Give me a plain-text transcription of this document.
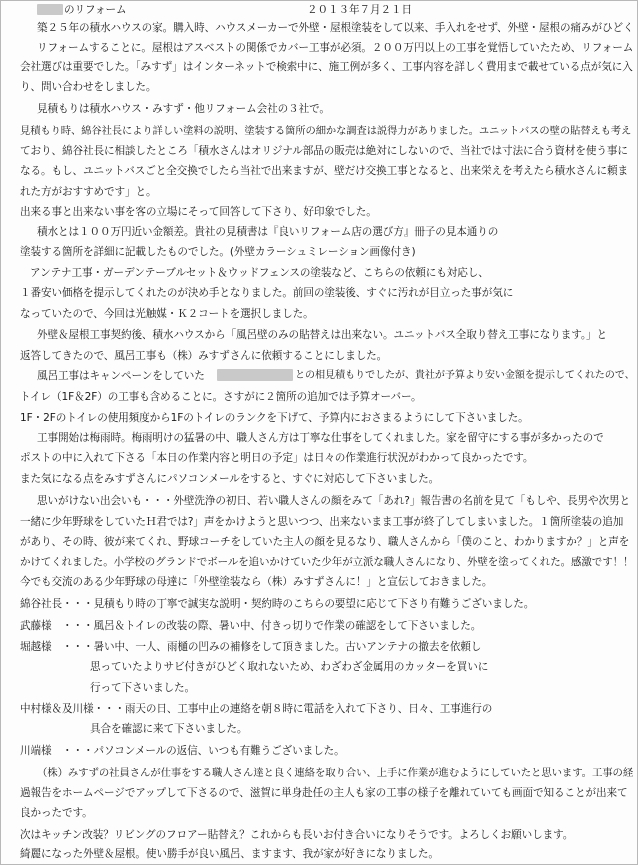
のリフォーム	２０１３年７月２１日
築２５年の積水ハウスの家。購入時、ハウスメーカーで外壁・屋根塗装をして以来、手入れをせず、外壁・屋根の痛みがひどく
リフォームすることに。屋根はアスベストの関係でカバー工事が必須。２００万円以上の工事を覚悟していたため、リフォーム
会社選びは重要でした。「みすず」はインターネットで検索中に、施工例が多く、工事内容を詳しく費用まで載せている点が気に入
り、問い合わせをしました。
見積もりは積水ハウス・みすず・他リフォーム会社の３社で。
見積もり時、綿谷社長により詳しい塗料の説明、塗装する箇所の細かな調査は説得力がありました。ユニットバスの壁の貼替えも考え
ており、綿谷社長に相談したところ「積水さんはオリジナル部品の販売は絶対にしないので、当社では寸法に合う資材を使う事に
なる。もし、ユニットバスごと全交換でしたら当社で出来ますが、壁だけ交換工事となると、出来栄えを考えたら積水さんに頼ま
れた方がおすすめです」と。
出来る事と出来ない事を客の立場にそって回答して下さり、好印象でした。
積水とは１００万円近い金額差。貴社の見積書は『良いリフォーム店の選び方』冊子の見本通りの
塗装する箇所を詳細に記載したものでした。(外壁カラーシュミレーション画像付き)
アンテナ工事・ガーデンテーブルセット＆ウッドフェンスの塗装など、こちらの依頼にも対応し、
１番安い価格を提示してくれたのが決め手となりました。前回の塗装後、すぐに汚れが目立った事が気に
なっていたので、今回は光触媒・Ｋ２コートを選択しました。
外壁＆屋根工事契約後、積水ハウスから「風呂壁のみの貼替えは出来ない。ユニットバス全取り替え工事になります。」と
返答してきたので、風呂工事も（株）みすずさんに依頼することにしました。
風呂工事はキャンペーンをしていた	との相見積もりでしたが、貴社が予算より安い金額を提示してくれたので、
トイレ（1F＆2F）の工事も含めることに。さすがに２箇所の追加では予算オーバー。
1F・2Fのトイレの使用頻度から1Fのトイレのランクを下げて、予算内におさまるようにして下さいました。
工事開始は梅雨時。梅雨明けの猛暑の中、職人さん方は丁寧な仕事をしてくれました。家を留守にする事が多かったので
ポストの中に入れて下さる「本日の作業内容と明日の予定」は日々の作業進行状況がわかって良かったです。
また気になる点をみすずさんにパソコンメールをすると、すぐに対応して下さいました。
思いがけない出会いも・・・外壁洗浄の初日、若い職人さんの顔をみて「あれ?」報告書の名前を見て「もしや、長男や次男と
一緒に少年野球をしていたＨ君では?」声をかけようと思いつつ、出来ないまま工事が終了してしまいました。１箇所塗装の追加
があり、その時、彼が来てくれ、野球コーチをしていた主人の顔を見るなり、職人さんから「僕のこと、わかりますか？」と声を
かけてくれました。小学校のグランドでボールを追いかけていた少年が立派な職人さんになり、外壁を塗ってくれた。感激です！！
今でも交流のある少年野球の母達に「外壁塗装なら（株）みすずさんに！」と宣伝しておきました。
綿谷社長・・・見積もり時の丁寧で誠実な説明・契約時のこちらの要望に応じて下さり有難うございました。
武藤様　・・・風呂＆トイレの改装の際、暑い中、付きっ切りで作業の確認をして下さいました。
堀越様　・・・暑い中、一人、雨樋の凹みの補修をして頂きました。古いアンテナの撤去を依頼し
思っていたよりサビ付きがひどく取れないため、わざわざ金属用のカッターを買いに
行って下さいました。
中村様＆及川様・・・雨天の日、工事中止の連絡を朝８時に電話を入れて下さり、日々、工事進行の
具合を確認に来て下さいました。
川端様　・・・パソコンメールの返信、いつも有難うございました。
（株）みすずの社員さんが仕事をする職人さん達と良く連絡を取り合い、上手に作業が進むようにしていたと思います。工事の経
過報告をホームページでアップして下さるので、滋賀に単身赴任の主人も家の工事の様子を離れていても画面で知ることが出来て
良かったです。
次はキッチン改装？リビングのフロアー貼替え？これからも長いお付き合いになりそうです。よろしくお願いします。
綺麗になった外壁＆屋根。使い勝手が良い風呂、ますます、我が家が好きになりました。
